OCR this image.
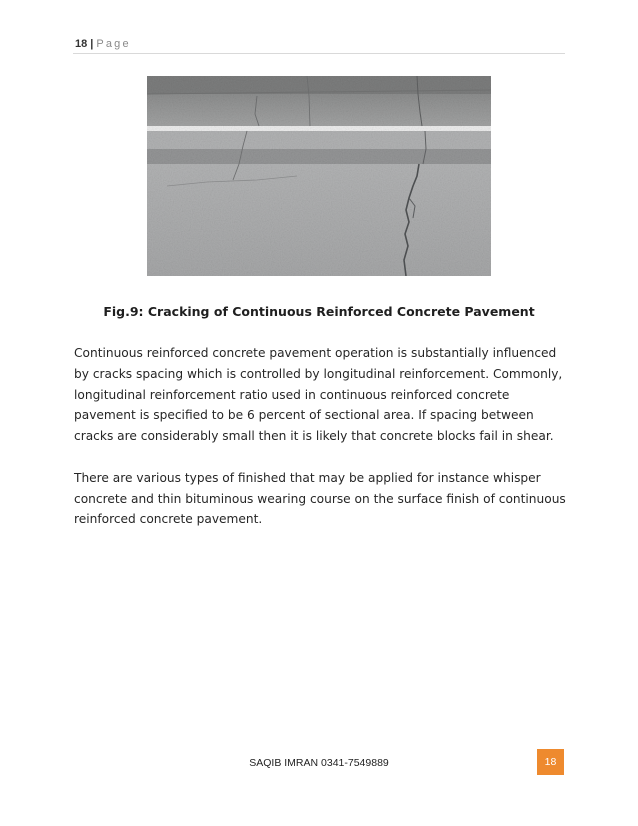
18 | Page
Fig.9: Cracking of Continuous Reinforced Concrete Pavement

Continuous reinforced concrete pavement operation is substantially influenced by cracks spacing which is controlled by longitudinal reinforcement. Commonly, longitudinal reinforcement ratio used in continuous reinforced concrete pavement is specified to be 6 percent of sectional area. If spacing between cracks are considerably small then it is likely that concrete blocks fail in shear.

There are various types of finished that may be applied for instance whisper concrete and thin bituminous wearing course on the surface finish of continuous reinforced concrete pavement.

SAQIB IMRAN 0341-7549889	18
